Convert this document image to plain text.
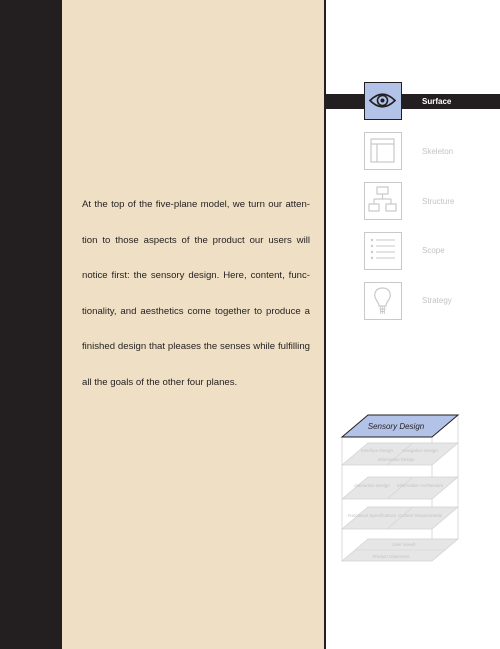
At the top of the five-plane model, we turn our atten-
tion to those aspects of the product our users will
notice first: the sensory design. Here, content, func-
tionality, and aesthetics come together to produce a
finished design that pleases the senses while fulfilling
all the goals of the other four planes.

Surface
Skeleton
Structure
Scope
Strategy
Sensory Design
Interface Design Navigation Design
Information Design
Interaction Design Information Architecture
Functional Specifications Content Requirements
User Needs
Product Objectives
